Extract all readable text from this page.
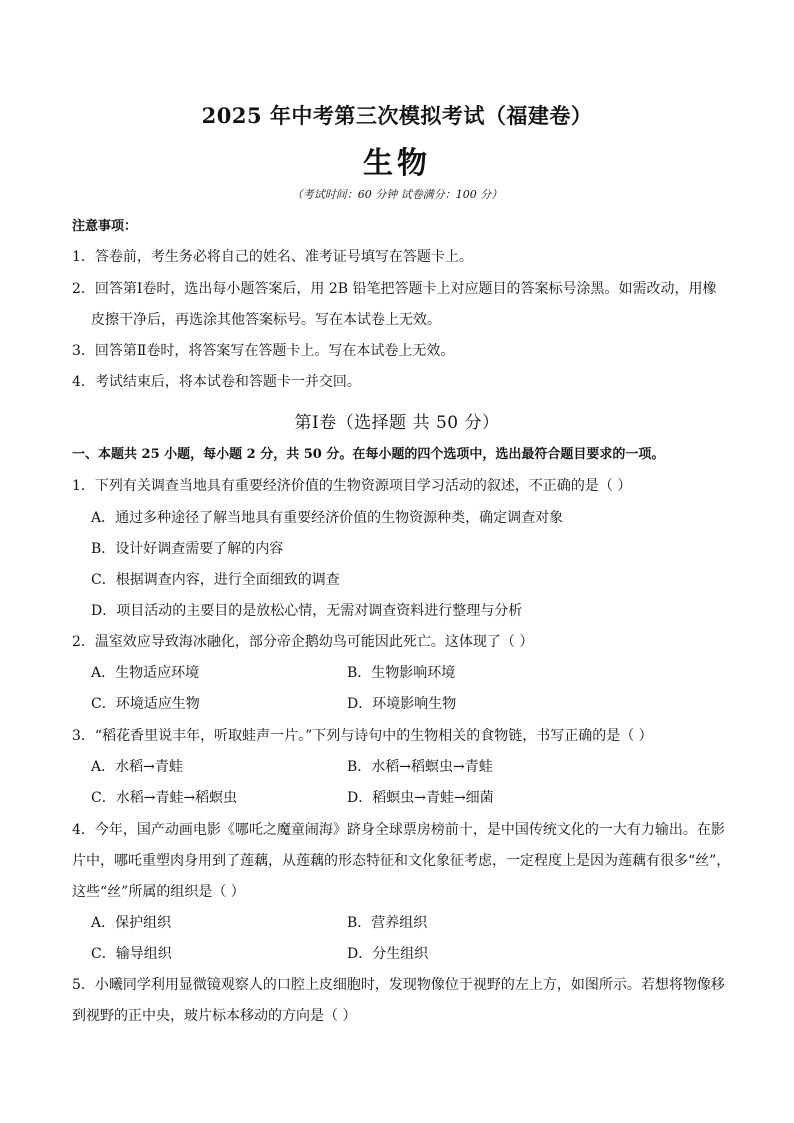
2025 年中考第三次模拟考试（福建卷）
生物
（考试时间：60 分钟 试卷满分：100 分）
注意事项：
1．答卷前，考生务必将自己的姓名、准考证号填写在答题卡上。
2．回答第Ⅰ卷时，选出每小题答案后，用 2B 铅笔把答题卡上对应题目的答案标号涂黑。如需改动，用橡
皮擦干净后，再选涂其他答案标号。写在本试卷上无效。
3．回答第Ⅱ卷时，将答案写在答题卡上。写在本试卷上无效。
4．考试结束后，将本试卷和答题卡一并交回。
第Ⅰ卷（选择题 共 50 分）
一、本题共 25 小题，每小题 2 分，共 50 分。在每小题的四个选项中，选出最符合题目要求的一项。
1．下列有关调查当地具有重要经济价值的生物资源项目学习活动的叙述，不正确的是（ ）
A．通过多种途径了解当地具有重要经济价值的生物资源种类，确定调查对象
B．设计好调查需要了解的内容
C．根据调查内容，进行全面细致的调查
D．项目活动的主要目的是放松心情，无需对调查资料进行整理与分析
2．温室效应导致海冰融化，部分帝企鹅幼鸟可能因此死亡。这体现了（ ）
A．生物适应环境	B．生物影响环境
C．环境适应生物	D．环境影响生物
3．“稻花香里说丰年，听取蛙声一片。”下列与诗句中的生物相关的食物链，书写正确的是（ ）
A．水稻→青蛙	B．水稻→稻螟虫→青蛙
C．水稻→青蛙→稻螟虫	D．稻螟虫→青蛙→细菌
4．今年，国产动画电影《哪吒之魔童闹海》跻身全球票房榜前十，是中国传统文化的一大有力输出。在影
片中，哪吒重塑肉身用到了莲藕，从莲藕的形态特征和文化象征考虑，一定程度上是因为莲藕有很多“丝”，
这些“丝”所属的组织是（ ）
A．保护组织	B．营养组织
C．输导组织	D．分生组织
5．小曦同学利用显微镜观察人的口腔上皮细胞时，发现物像位于视野的左上方，如图所示。若想将物像移
到视野的正中央，玻片标本移动的方向是（ ）
